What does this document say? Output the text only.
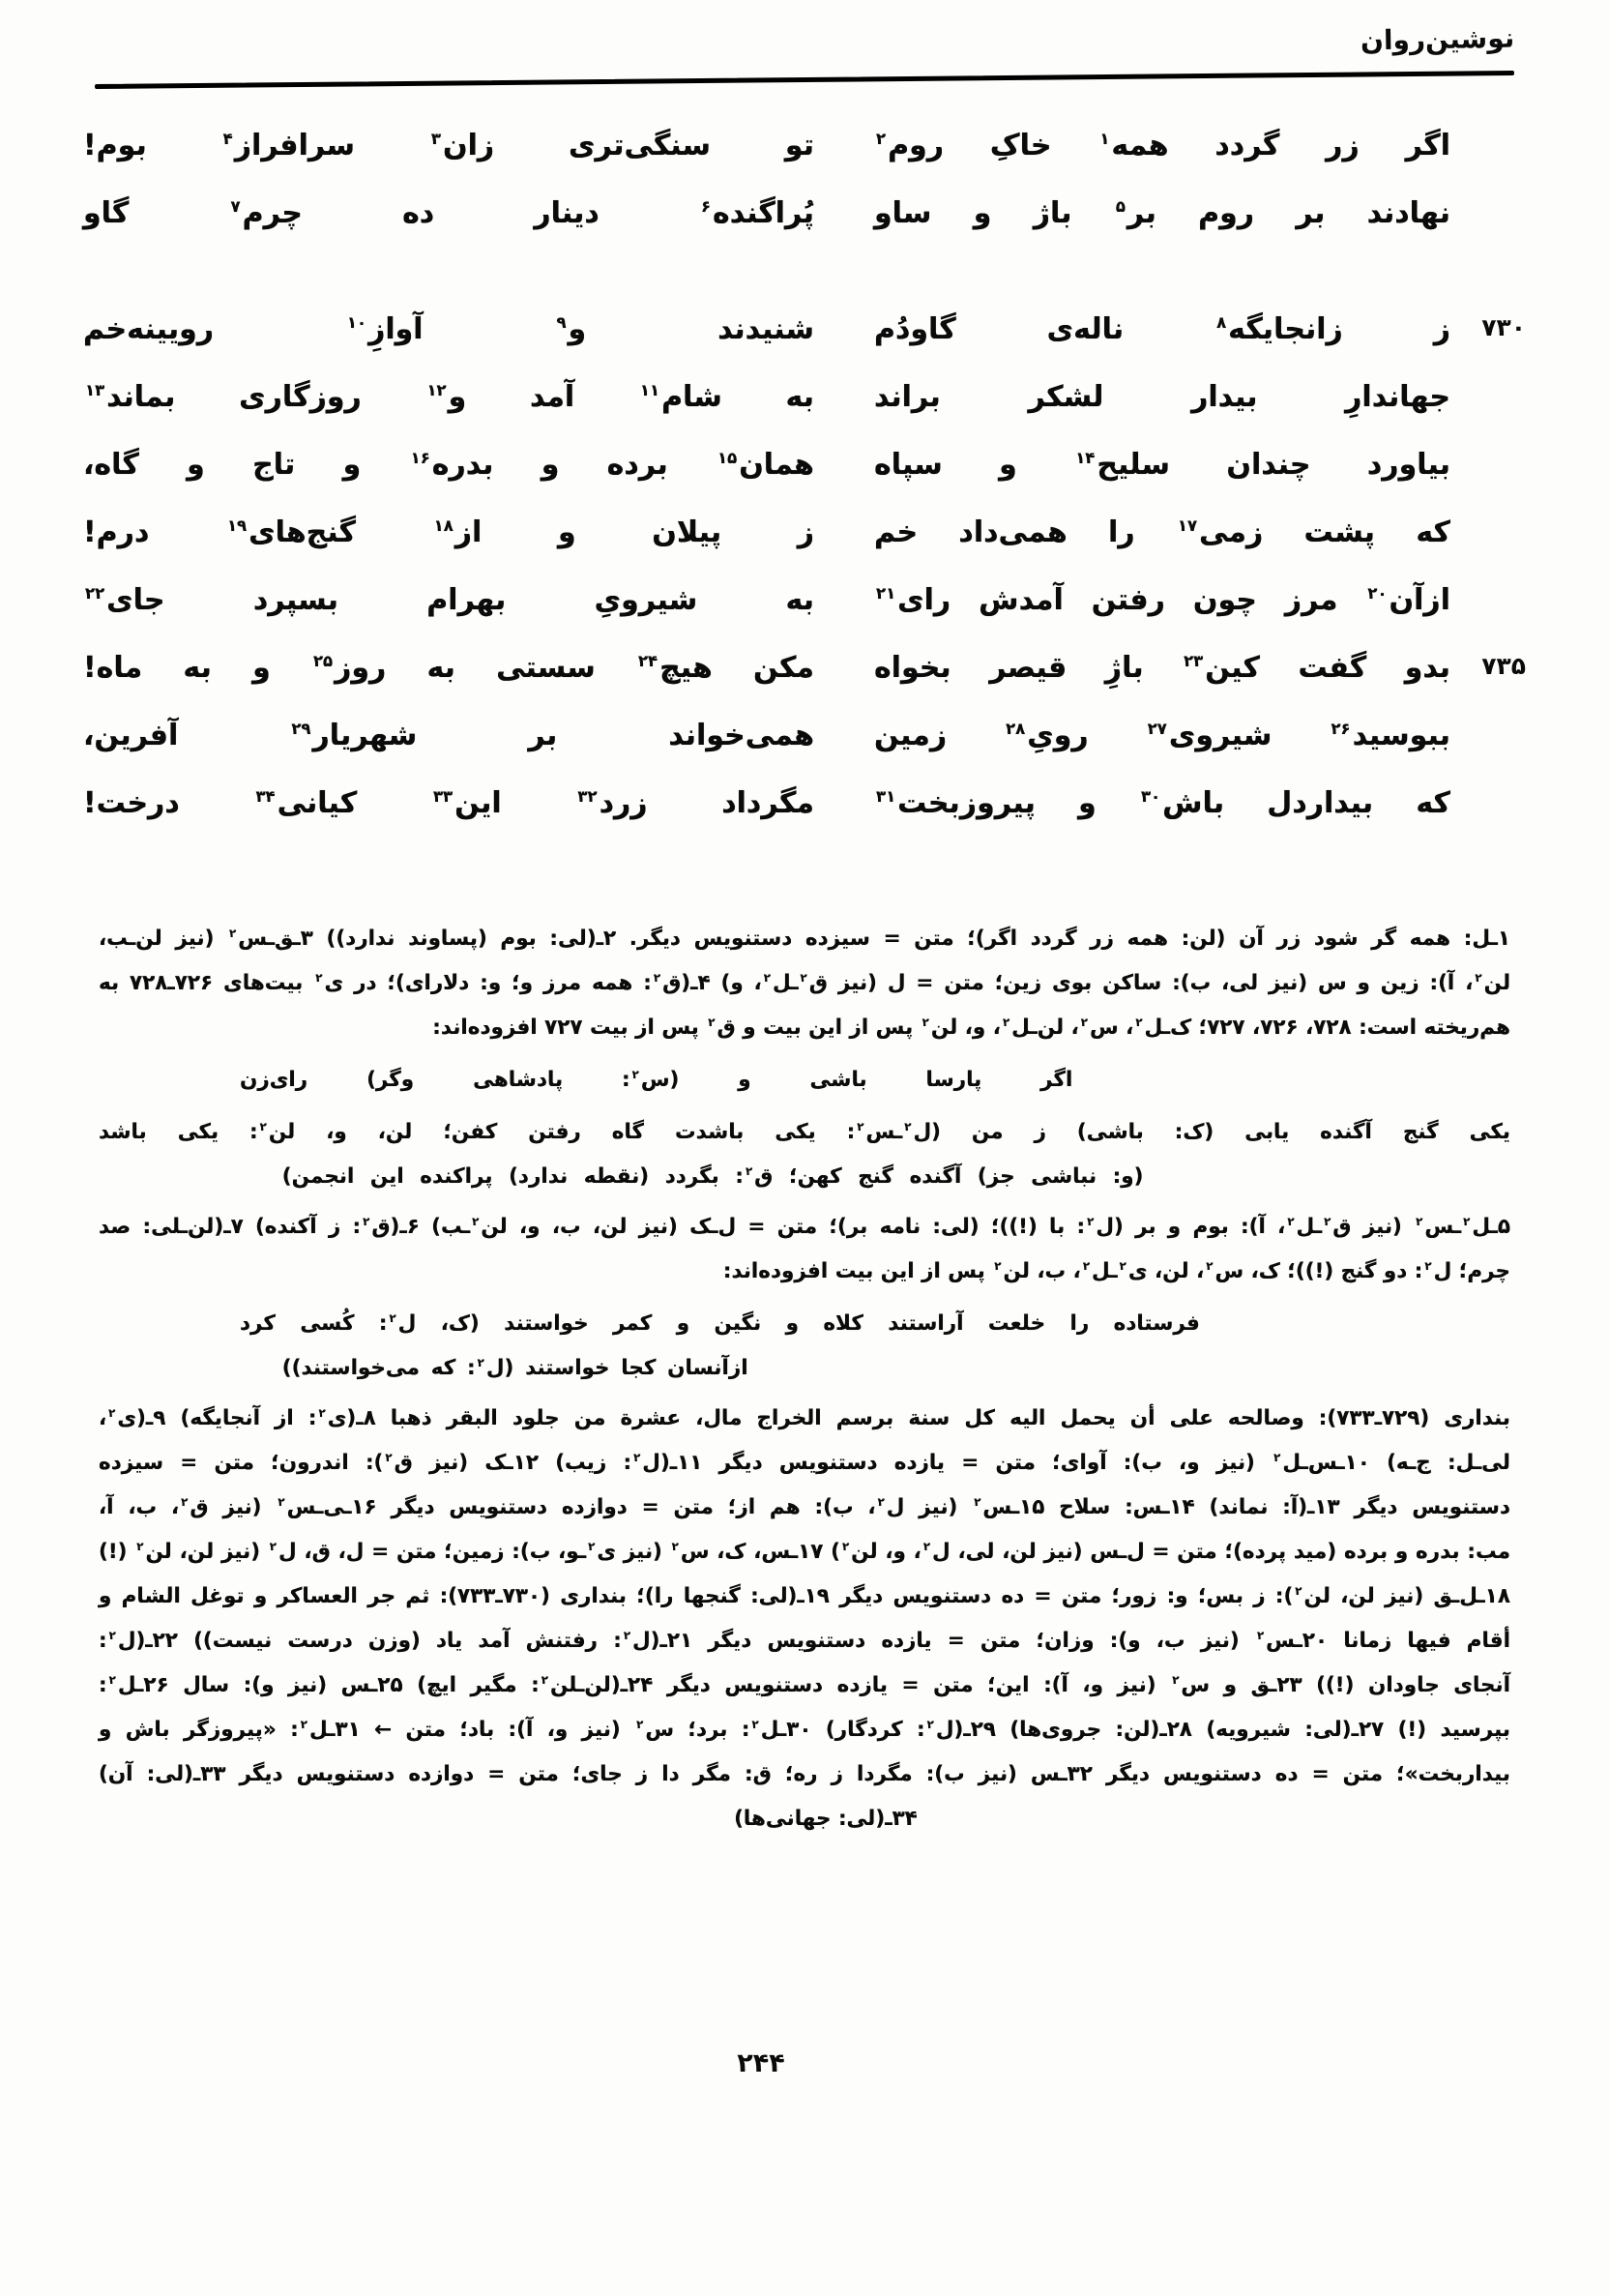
نوشین‌روان
اگر زر گردد همه$^۱$ خاکِ روم$^۲$
تو سنگی‌تری زان$^۳$ سرافراز$^۴$ بوم!
نهادند بر روم بر$^۵$ باژ و ساو
پُراگنده$^۶$ دینار ده چرم$^۷$ گاو
۷۳۰
ز زانجایگه$^۸$ ناله‌ی گاودُم
شنیدند و$^۹$ آوازِ$^{۱۰}$ رویینه‌خم
جهاندارِ بیدار لشکر براند
به شام$^{۱۱}$ آمد و$^{۱۲}$ روزگاری بماند$^{۱۳}$
بیاورد چندان سلیح$^{۱۴}$ و سپاه
همان$^{۱۵}$ برده و بدره$^{۱۶}$ و تاج و گاه،
که پشت زمی$^{۱۷}$ را همی‌داد خم
ز پیلان و از$^{۱۸}$ گنج‌های$^{۱۹}$ درم!
ازآن$^{۲۰}$ مرز چون رفتن آمدش رای$^{۲۱}$
به شیرویِ بهرام بسپرد جای$^{۲۲}$
۷۳۵
بدو گفت کین$^{۲۳}$ باژِ قیصر بخواه
مکن هیچ$^{۲۴}$ سستی به روز$^{۲۵}$ و به ماه!
ببوسید$^{۲۶}$ شیروی$^{۲۷}$ رویِ$^{۲۸}$ زمین
همی‌خواند بر شهریار$^{۲۹}$ آفرین،
که بیداردل باش$^{۳۰}$ و پیروزبخت$^{۳۱}$
مگرداد زرد$^{۳۲}$ این$^{۳۳}$ کیانی$^{۳۴}$ درخت!
۱ـل: همه گر شود زر آن (لن: همه زر گردد اگر)؛ متن = سیزده دستنویس دیگر. ۲ـ(لی: بوم (پساوند ندارد)) ۳ـق‌ـس$^۲$ (نیز لن‌ـب،
لن$^۲$، آ): زین و س (نیز لی، ب): ساکن بوی زین؛ متن = ل (نیز ق$^۲$ـل$^۲$، و) ۴ـ(ق$^۲$: همه مرز و؛ و: دلارای)؛ در ی$^۲$ بیت‌های ۷۲۶ـ۷۲۸ به
هم‌ریخته است: ۷۲۸، ۷۲۶، ۷۲۷؛ ک‌ـل$^۲$، س$^۲$، لن‌ـل$^۲$، و، لن$^۲$ پس از این بیت و ق$^۲$ پس از بیت ۷۲۷ افزوده‌اند:
اگر پارسا باشی و (س$^۲$: پادشاهی وگر) رای‌زن
یکی گنج آگنده یابی (ک: باشی) ز من (ل$^۲$ـس$^۲$: یکی باشدت گاه رفتن کفن؛ لن، و، لن$^۲$: یکی باشد
(و: نباشی جز) آگنده گنج کهن؛ ق$^۲$: بگردد (نقطه ندارد) پراکنده این انجمن)
۵ـل$^۲$ـس$^۲$ (نیز ق$^۲$ـل$^۲$، آ): بوم و بر (ل$^۲$: با (!))؛ (لی: نامه بر)؛ متن = ل‌ـک (نیز لن، ب، و، لن$^۲$ـب) ۶ـ(ق$^۲$: ز آکنده) ۷ـ(لن‌ـلی: صد
چرم؛ ل$^۲$: دو گنج (!))؛ ک، س$^۲$، لن، ی$^۲$ـل$^۲$، ب، لن$^۲$ پس از این بیت افزوده‌اند:
فرستاده را خلعت آراستند کلاه و نگین و کمر خواستند (ک، ل$^۲$: کُسی کرد
ازآنسان کجا خواستند (ل$^۲$: که می‌خواستند))
بنداری (۷۲۹ـ۷۳۳): وصالحه علی أن یحمل الیه کل سنة برسم الخراج مال، عشرة من جلود البقر ذهبا ۸ـ(ی$^۲$: از آنجایگه) ۹ـ(ی$^۲$،
لی‌ـل: ج‌ـه) ۱۰ـس‌ـل$^۲$ (نیز و، ب): آوای؛ متن = یازده دستنویس دیگر ۱۱ـ(ل$^۲$: زیب) ۱۲ـک (نیز ق$^۲$): اندرون؛ متن = سیزده
دستنویس دیگر ۱۳ـ(آ: نماند) ۱۴ـس: سلاح ۱۵ـس$^۲$ (نیز ل$^۲$، ب): هم از؛ متن = دوازده دستنویس دیگر ۱۶ـی‌ـس$^۲$ (نیز ق$^۲$، ب، آ،
مب: بدره و برده (مید پرده)؛ متن = ل‌ـس (نیز لن، لی، ل$^۲$، و، لن$^۲$) ۱۷ـس، ک، س$^۲$ (نیز ی$^۲$ـو، ب): زمین؛ متن = ل، ق، ل$^۲$ (نیز لن، لن$^۲$ (!)
۱۸ـل‌ـق (نیز لن، لن$^۲$): ز بس؛ و: زور؛ متن = ده دستنویس دیگر ۱۹ـ(لی: گنجها را)؛ بنداری (۷۳۰ـ۷۳۳): ثم جر العساکر و توغل الشام و
أقام فیها زمانا ۲۰ـس$^۲$ (نیز ب، و): وزان؛ متن = یازده دستنویس دیگر ۲۱ـ(ل$^۲$: رفتنش آمد یاد (وزن درست نیست)) ۲۲ـ(ل$^۲$:
آنجای جاودان (!)) ۲۳ـق‌ و س$^۲$ (نیز و، آ): این؛ متن = یازده دستنویس دیگر ۲۴ـ(لن‌ـلن$^۲$: مگیر ایچ) ۲۵ـس (نیز و): سال ۲۶ـل$^۲$:
بپرسید (!) ۲۷ـ(لی: شیرویه) ۲۸ـ(لن: جروی‌ها) ۲۹ـ(ل$^۲$: کردگار) ۳۰ـل$^۲$: برد؛ س$^۲$ (نیز و، آ): باد؛ متن ← ۳۱ـل$^۲$: «پیروزگر باش و
بیداربخت»؛ متن = ده دستنویس دیگر ۳۲ـس (نیز ب): مگردا ز ره؛ ق: مگر دا ز جای؛ متن = دوازده دستنویس دیگر ۳۳ـ(لی: آن)
۳۴ـ(لی: جهانی‌ها)
۲۴۴
